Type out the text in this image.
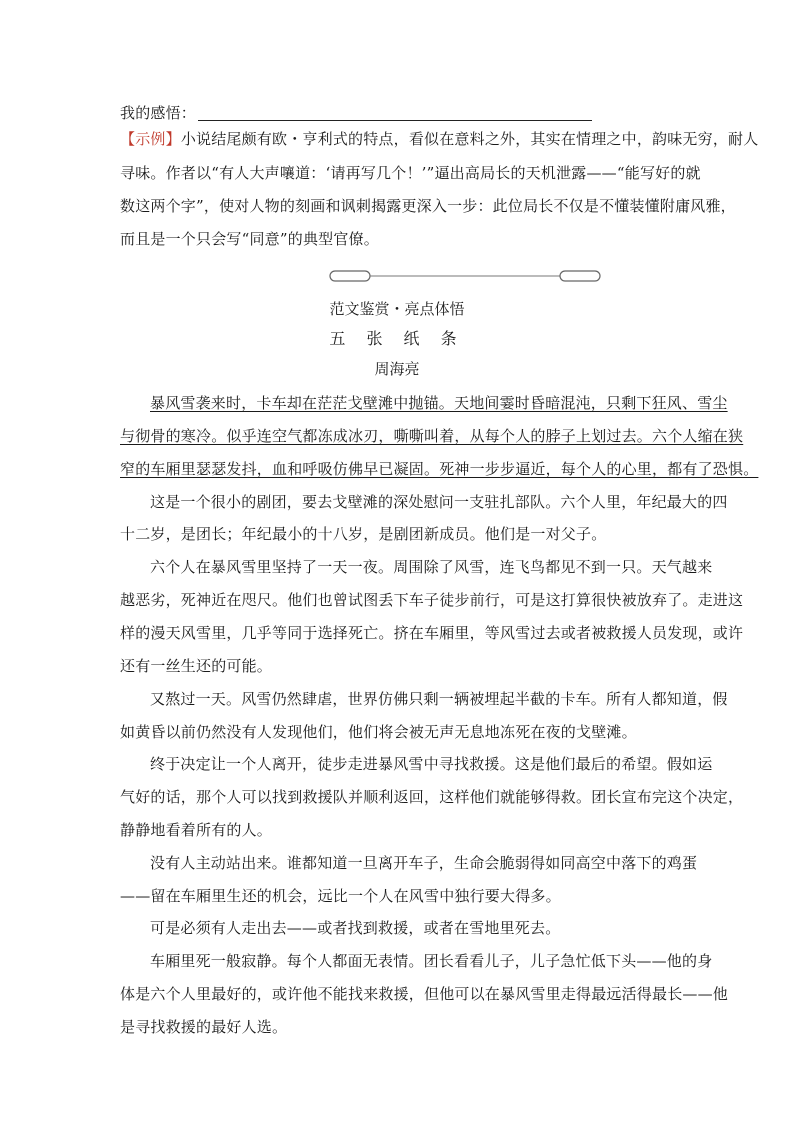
我的感悟：
【示例】小说结尾颇有欧・亨利式的特点，看似在意料之外，其实在情理之中，韵味无穷，耐人
寻味。作者以“有人大声嚷道：‘请再写几个！’”逼出高局长的天机泄露——“能写好的就
数这两个字”，使对人物的刻画和讽刺揭露更深入一步：此位局长不仅是不懂装懂附庸风雅，
而且是一个只会写“同意”的典型官僚。
范文鉴赏・亮点体悟
五 张 纸 条
周海亮
暴风雪袭来时，卡车却在茫茫戈壁滩中抛锚。天地间霎时昏暗混沌，只剩下狂风、雪尘
与彻骨的寒冷。似乎连空气都冻成冰刃，嘶嘶叫着，从每个人的脖子上划过去。六个人缩在狭
窄的车厢里瑟瑟发抖，血和呼吸仿佛早已凝固。死神一步步逼近，每个人的心里，都有了恐惧。
这是一个很小的剧团，要去戈壁滩的深处慰问一支驻扎部队。六个人里，年纪最大的四
十二岁，是团长；年纪最小的十八岁，是剧团新成员。他们是一对父子。
六个人在暴风雪里坚持了一天一夜。周围除了风雪，连飞鸟都见不到一只。天气越来
越恶劣，死神近在咫尺。他们也曾试图丢下车子徒步前行，可是这打算很快被放弃了。走进这
样的漫天风雪里，几乎等同于选择死亡。挤在车厢里，等风雪过去或者被救援人员发现，或许
还有一丝生还的可能。
又熬过一天。风雪仍然肆虐，世界仿佛只剩一辆被埋起半截的卡车。所有人都知道，假
如黄昏以前仍然没有人发现他们，他们将会被无声无息地冻死在夜的戈壁滩。
终于决定让一个人离开，徒步走进暴风雪中寻找救援。这是他们最后的希望。假如运
气好的话，那个人可以找到救援队并顺利返回，这样他们就能够得救。团长宣布完这个决定，
静静地看着所有的人。
没有人主动站出来。谁都知道一旦离开车子，生命会脆弱得如同高空中落下的鸡蛋
——留在车厢里生还的机会，远比一个人在风雪中独行要大得多。
可是必须有人走出去——或者找到救援，或者在雪地里死去。
车厢里死一般寂静。每个人都面无表情。团长看看儿子，儿子急忙低下头——他的身
体是六个人里最好的，或许他不能找来救援，但他可以在暴风雪里走得最远活得最长——他
是寻找救援的最好人选。
